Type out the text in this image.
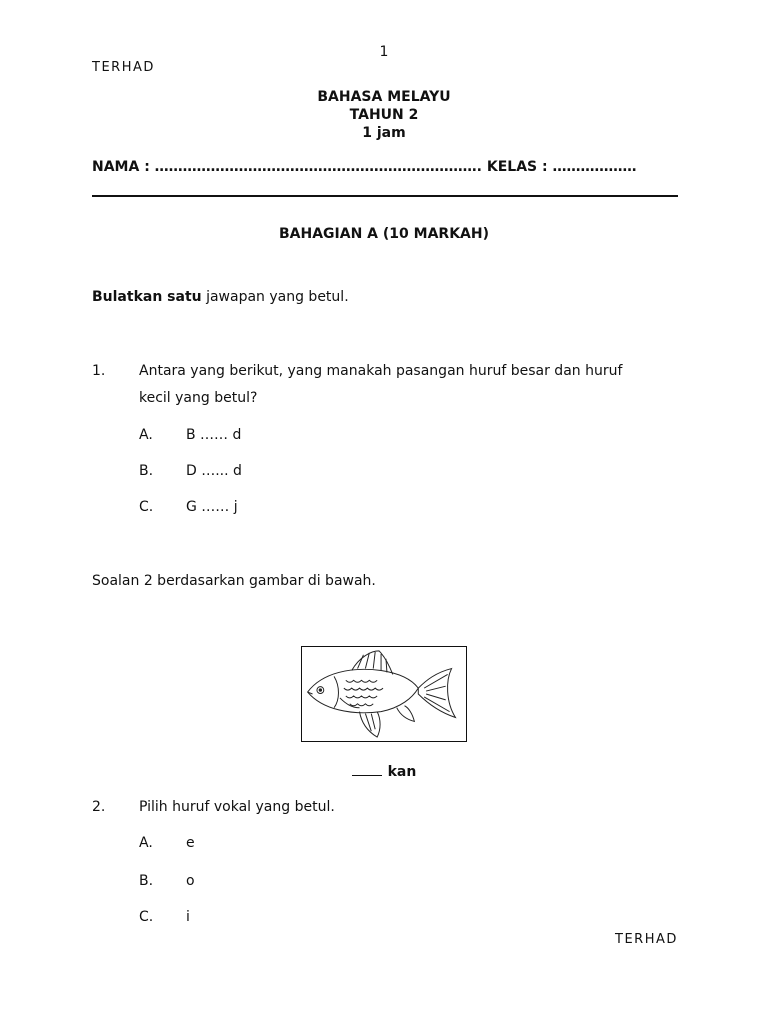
1
TERHAD
BAHASA MELAYU
TAHUN 2
1 jam
NAMA : ……………………………………………………………. KELAS : ………………
BAHAGIAN A (10 MARKAH)
Bulatkan satu jawapan yang betul.
1. Antara yang berikut, yang manakah pasangan huruf besar dan huruf
kecil yang betul?
A. B …… d
B. D …... d
C. G …… j
Soalan 2 berdasarkan gambar di bawah.
kan
2. Pilih huruf vokal yang betul.
A. e
B. o
C. i
TERHAD
